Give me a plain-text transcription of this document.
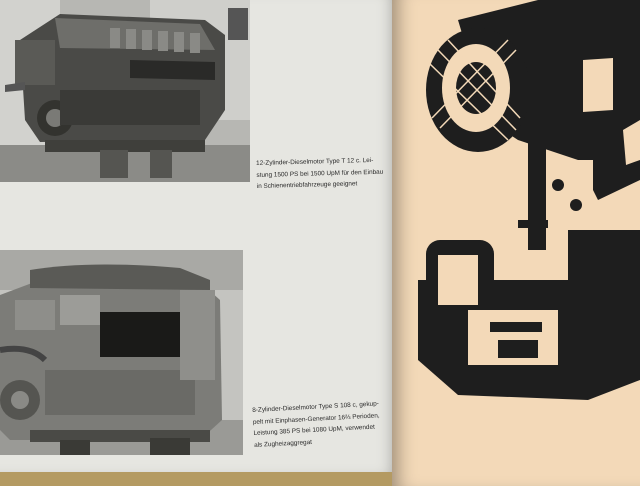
12-Zylinder-Dieselmotor Type T 12 c. Lei-
stung 1500 PS bei 1500 UpM für den Einbau
in Schienentriebfahrzeuge geeignet
8-Zylinder-Dieselmotor Type S 108 c, gekup-
pelt mit Einphasen-Generator 16⅔ Perioden,
Leistung 385 PS bei 1080 UpM, verwendet
als Zugheizaggregat
